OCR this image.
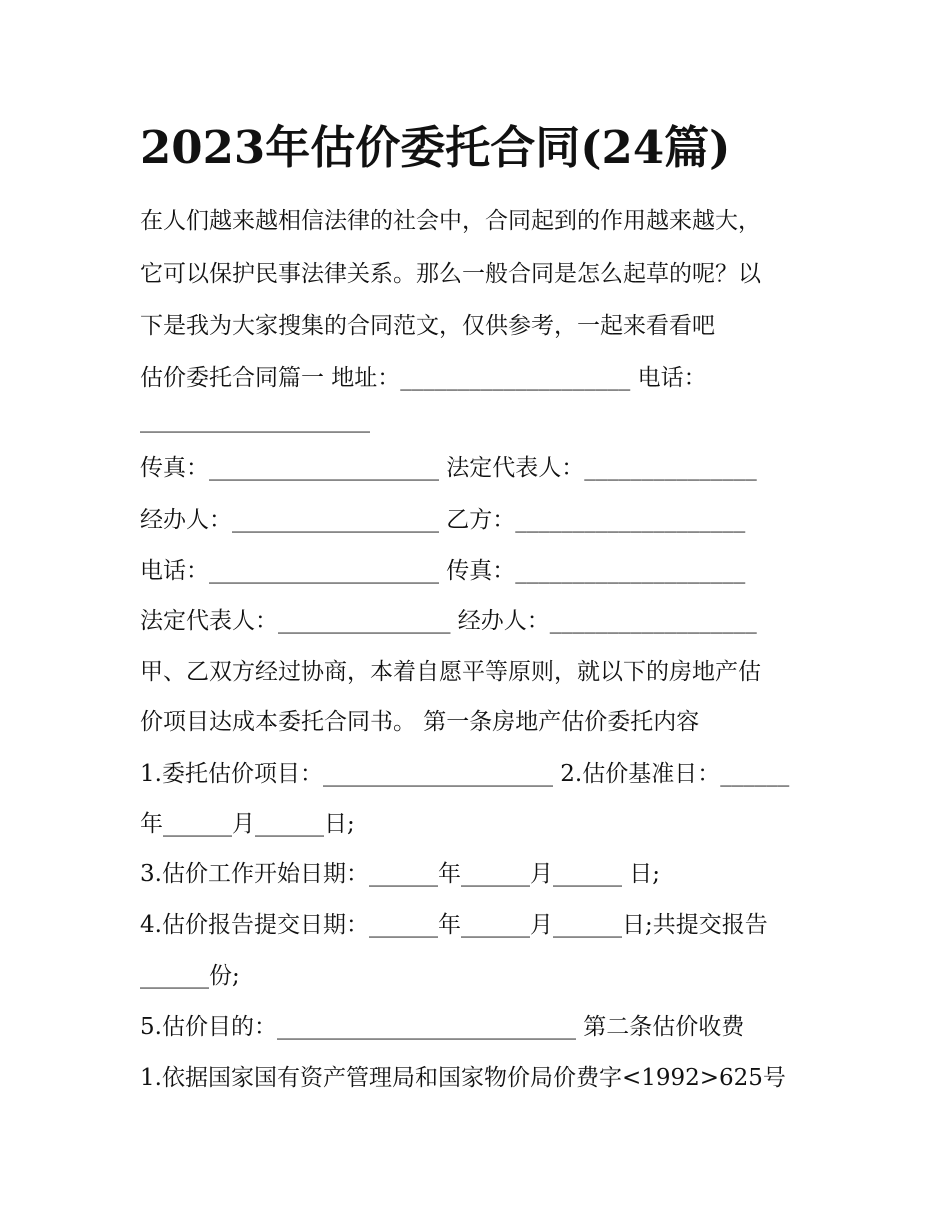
2023年估价委托合同(24篇)

在人们越来越相信法律的社会中，合同起到的作用越来越大，

它可以保护民事法律关系。那么一般合同是怎么起草的呢？以

下是我为大家搜集的合同范文，仅供参考，一起来看看吧

估价委托合同篇一 地址：____________________ 电话：

____________________

传真：____________________ 法定代表人：_______________

经办人：__________________ 乙方：____________________

电话：____________________ 传真：____________________

法定代表人：_______________ 经办人：__________________

甲、乙双方经过协商，本着自愿平等原则，就以下的房地产估

价项目达成本委托合同书。 第一条房地产估价委托内容

1.委托估价项目：____________________ 2.估价基准日：______

年______月______日;

3.估价工作开始日期：______年______月______ 日;

4.估价报告提交日期：______年______月______日;共提交报告

______份;

5.估价目的：__________________________ 第二条估价收费

1.依据国家国有资产管理局和国家物价局价费字<1992>625号
